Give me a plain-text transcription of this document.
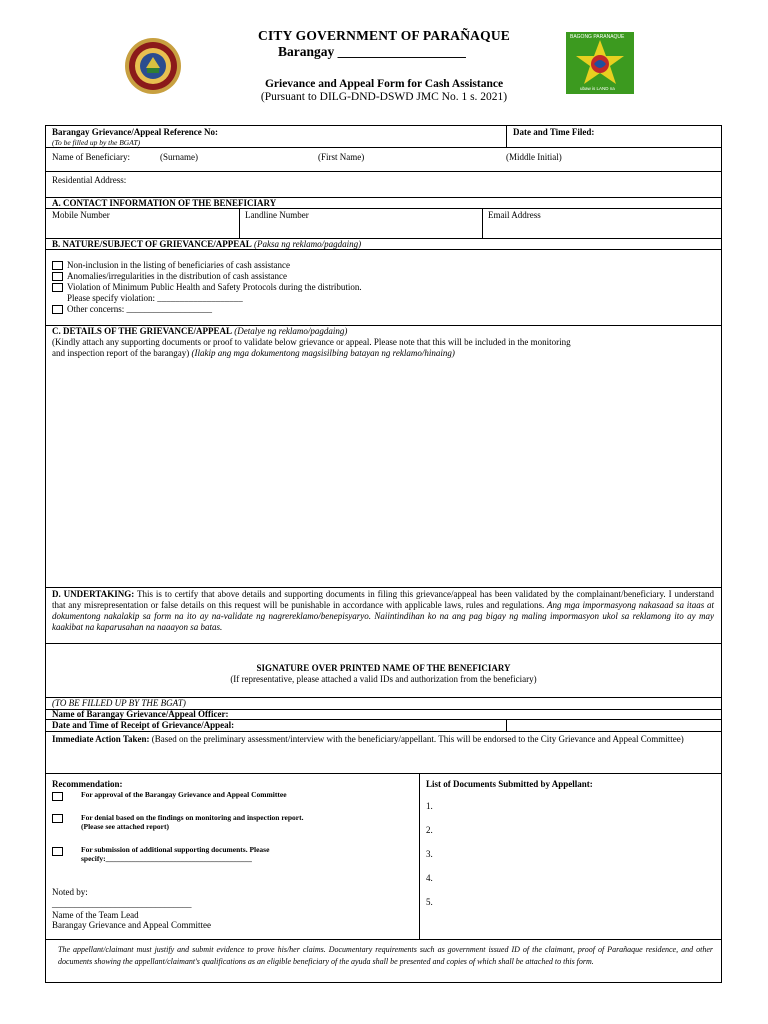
CITY GOVERNMENT OF PARAÑAQUE
Barangay ___________________
Grievance and Appeal Form for Cash Assistance
(Pursuant to DILG-DND-DSWD JMC No. 1 s. 2021)
BAGONG PARANAQUE
ubaw is LAND na
Barangay Grievance/Appeal Reference No:
(To be filled up by the BGAT)
Date and Time Filed:
Name of Beneficiary:	(Surname)	(First Name)	(Middle Initial)
Residential Address:
A. CONTACT INFORMATION OF THE BENEFICIARY
Mobile Number	Landline Number	Email Address
B. NATURE/SUBJECT OF GRIEVANCE/APPEAL (Paksa ng reklamo/pagdaing)
Non-inclusion in the listing of beneficiaries of cash assistance
Anomalies/irregularities in the distribution of cash assistance
Violation of Minimum Public Health and Safety Protocols during the distribution.
Please specify violation: ___________________
Other concerns: ___________________
C. DETAILS OF THE GRIEVANCE/APPEAL (Detalye ng reklamo/pagdaing)
(Kindly attach any supporting documents or proof to validate below grievance or appeal. Please note that this will be included in the monitoring
and inspection report of the barangay) (Ilakip ang mga dokumentong magsisilbing batayan ng reklamo/hinaing)
D. UNDERTAKING: This is to certify that above details and supporting documents in filing this grievance/appeal has been validated by the complainant/beneficiary. I understand that any misrepresentation or false details on this request will be punishable in accordance with applicable laws, rules and regulations. Ang mga impormasyong nakasaad sa itaas at dokumentong nakalakip sa form na ito ay na-validate ng nagrereklamo/benepisyaryo. Naiintindihan ko na ang pag bigay ng maling impormasyon ukol sa reklamong ito ay may kaakibat na kaparusahan na naaayon sa batas.
SIGNATURE OVER PRINTED NAME OF THE BENEFICIARY
(If representative, please attached a valid IDs and authorization from the beneficiary)
(TO BE FILLED UP BY THE BGAT)
Name of Barangay Grievance/Appeal Officer:
Date and Time of Receipt of Grievance/Appeal:
Immediate Action Taken: (Based on the preliminary assessment/interview with the beneficiary/appellant. This will be endorsed to the City Grievance and Appeal Committee)
Recommendation:
For approval of the Barangay Grievance and Appeal Committee
For denial based on the findings on monitoring and inspection report.
(Please see attached report)
For submission of additional supporting documents. Please
specify:_______________________________________
Noted by:
_______________________________
Name of the Team Lead
Barangay Grievance and Appeal Committee
List of Documents Submitted by Appellant:
1.
2.
3.
4.
5.
The appellant/claimant must justify and submit evidence to prove his/her claims. Documentary requirements such as government issued ID of the claimant, proof of Parañaque residence, and other documents showing the appellant/claimant's qualifications as an eligible beneficiary of the ayuda shall be presented and copies of which shall be attached to this form.
